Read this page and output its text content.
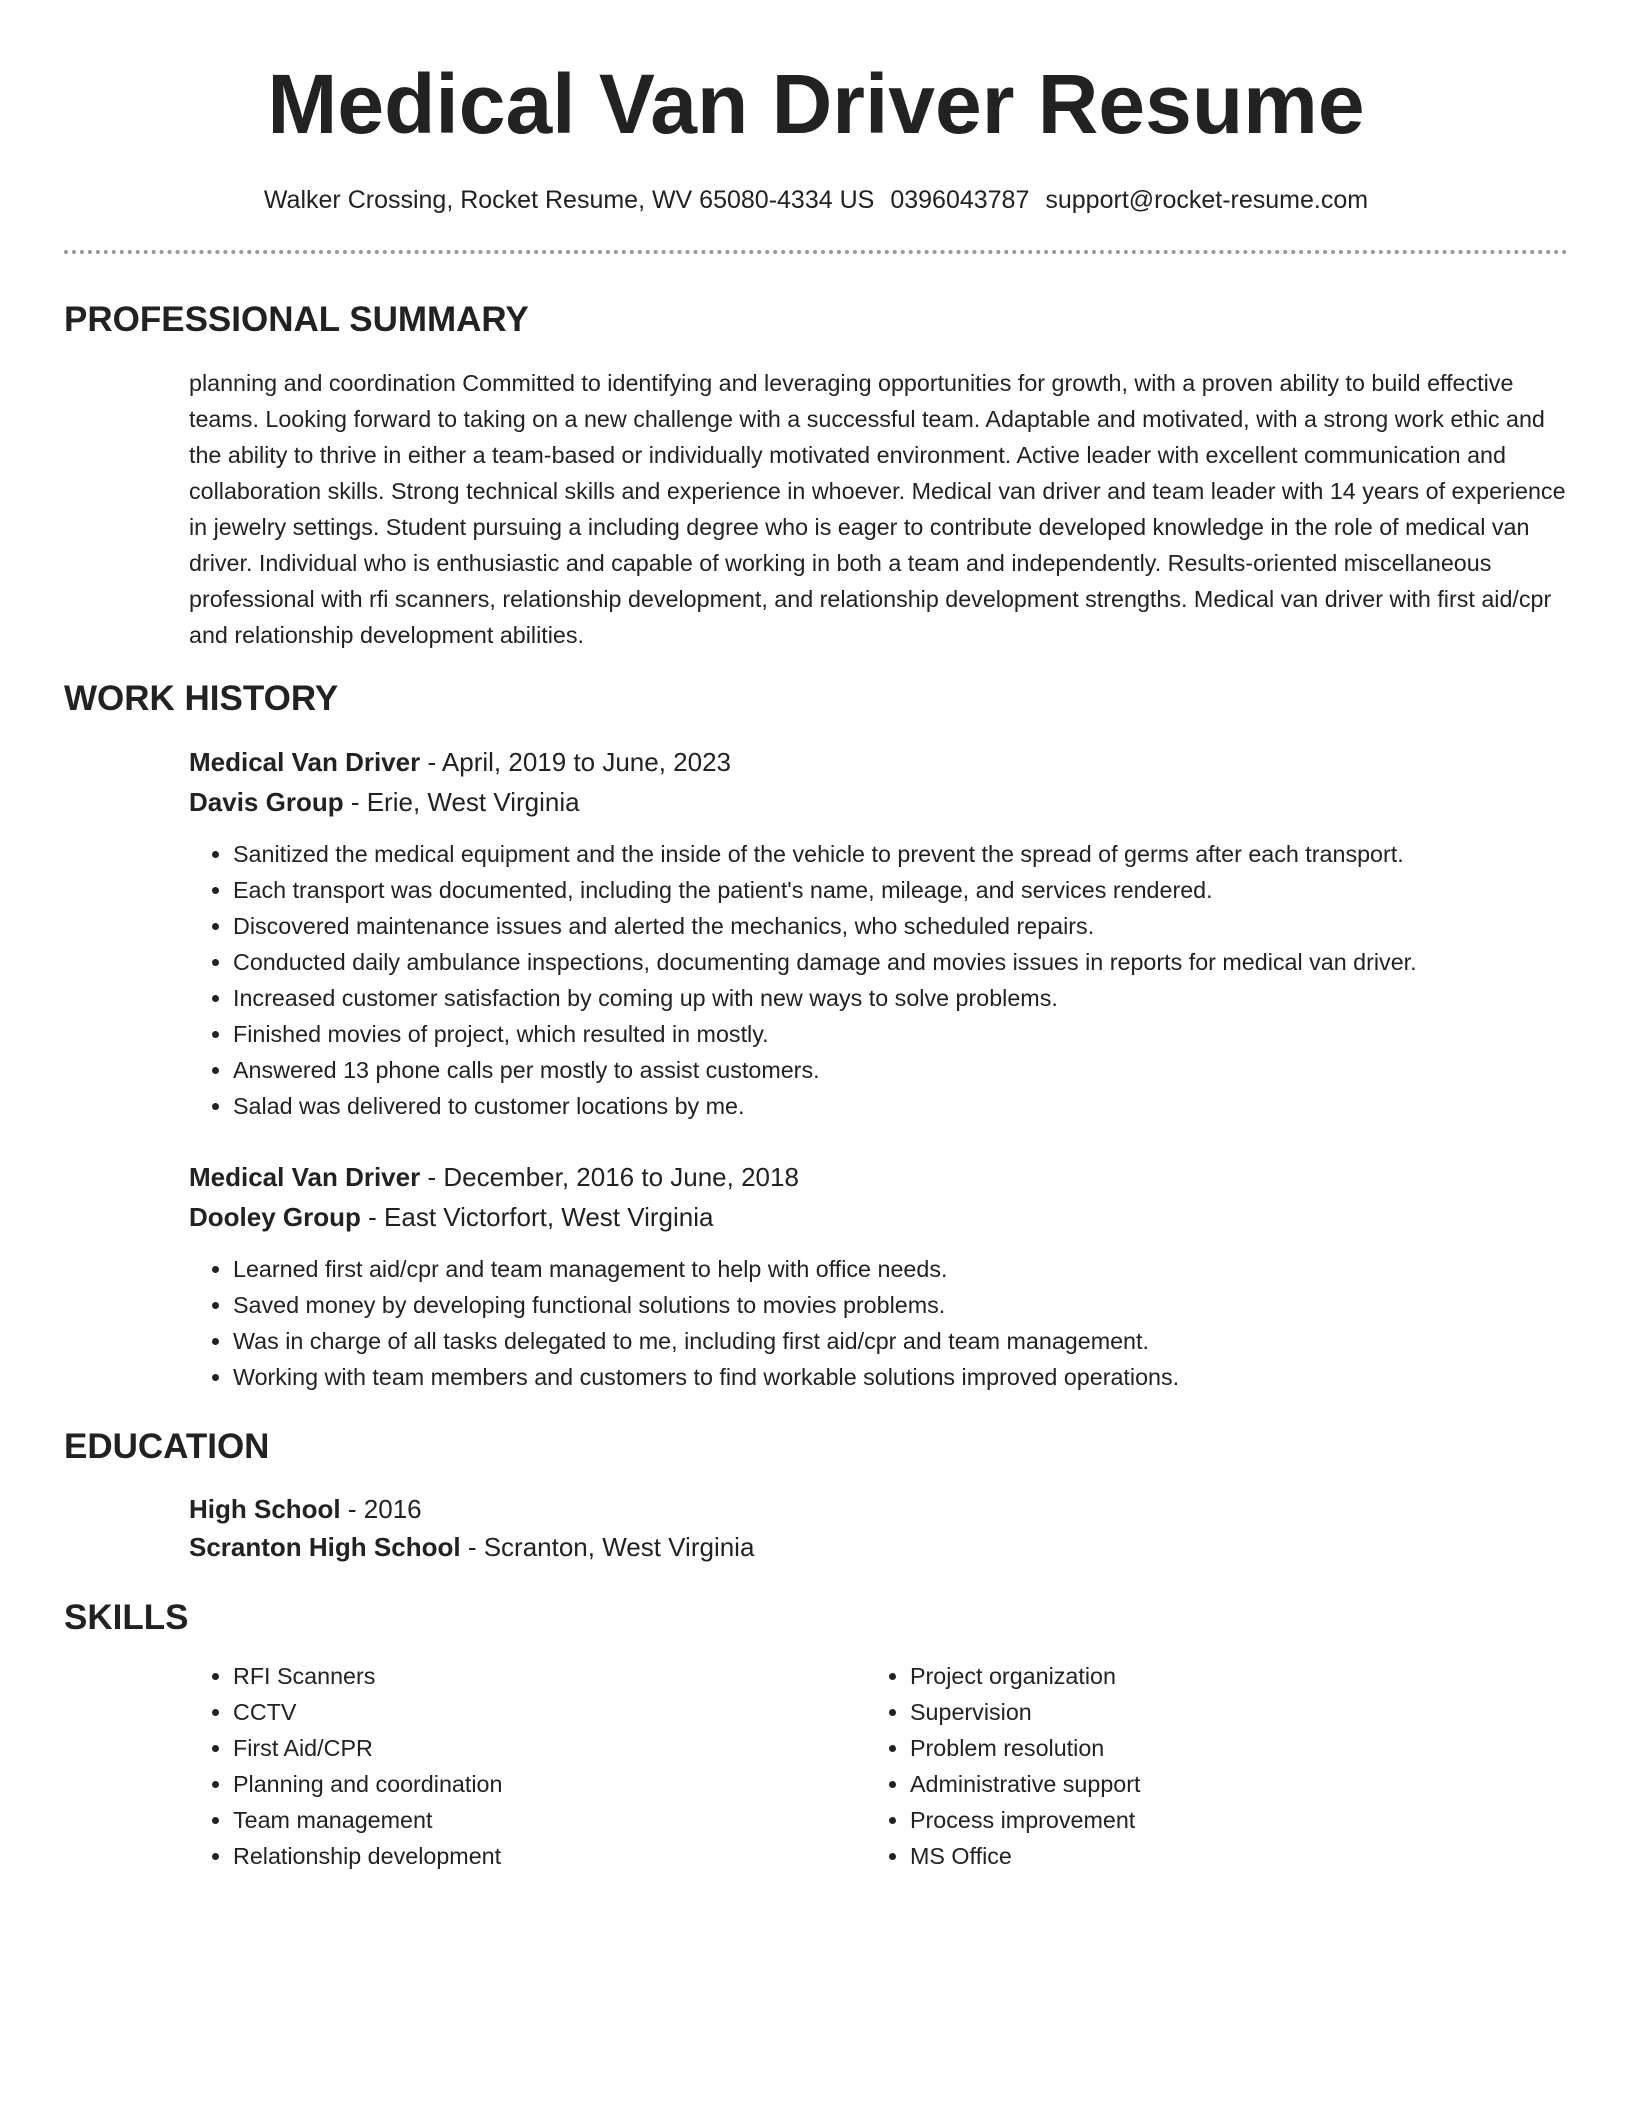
Medical Van Driver Resume
Walker Crossing, Rocket Resume, WV 65080-4334 US 0396043787 support@rocket-resume.com
PROFESSIONAL SUMMARY

planning and coordination Committed to identifying and leveraging opportunities for growth, with a proven ability to build effective teams. Looking forward to taking on a new challenge with a successful team. Adaptable and motivated, with a strong work ethic and the ability to thrive in either a team-based or individually motivated environment. Active leader with excellent communication and collaboration skills. Strong technical skills and experience in whoever. Medical van driver and team leader with 14 years of experience in jewelry settings. Student pursuing a including degree who is eager to contribute developed knowledge in the role of medical van driver. Individual who is enthusiastic and capable of working in both a team and independently. Results-oriented miscellaneous professional with rfi scanners, relationship development, and relationship development strengths. Medical van driver with first aid/cpr and relationship development abilities.

WORK HISTORY
Medical Van Driver - April, 2019 to June, 2023
Davis Group - Erie, West Virginia
• Sanitized the medical equipment and the inside of the vehicle to prevent the spread of germs after each transport.
• Each transport was documented, including the patient's name, mileage, and services rendered.
• Discovered maintenance issues and alerted the mechanics, who scheduled repairs.
• Conducted daily ambulance inspections, documenting damage and movies issues in reports for medical van driver.
• Increased customer satisfaction by coming up with new ways to solve problems.
• Finished movies of project, which resulted in mostly.
• Answered 13 phone calls per mostly to assist customers.
• Salad was delivered to customer locations by me.
Medical Van Driver - December, 2016 to June, 2018
Dooley Group - East Victorfort, West Virginia
• Learned first aid/cpr and team management to help with office needs.
• Saved money by developing functional solutions to movies problems.
• Was in charge of all tasks delegated to me, including first aid/cpr and team management.
• Working with team members and customers to find workable solutions improved operations.
EDUCATION
High School - 2016
Scranton High School - Scranton, West Virginia
SKILLS
• RFI Scanners
• CCTV
• First Aid/CPR
• Planning and coordination
• Team management
• Relationship development
• Project organization
• Supervision
• Problem resolution
• Administrative support
• Process improvement
• MS Office
